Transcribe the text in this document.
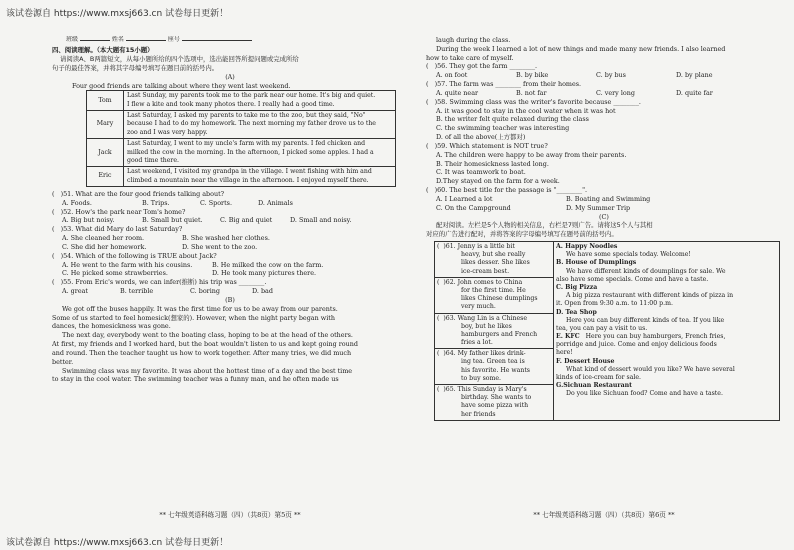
该试卷源自 https://www.mxsj663.cn 试卷每日更新！
该试卷源自 https://www.mxsj663.cn 试卷每日更新！
班级	姓名	座号
四、阅读理解。（本大题有15小题）
请阅读A、B两篇短文，从每小题所给的四个选项中，选出能回答所提问题或完成所给
句子的最佳答案，并将其字母编号填写在题目前的括号内。
(A)
Four good friends are talking about where they went last weekend.
Tom	Last Sunday, my parents took me to the park near our home. It's big and quiet.
I flew a kite and took many photos there. I really had a good time.

Mary	Last Saturday, I asked my parents to take me to the zoo, but they said, "No"
because I had to do my homework. The next morning my father drove us to the
zoo and I was very happy.

Jack	Last Saturday, I went to my uncle's farm with my parents. I fed chicken and
milked the cow in the morning. In the afternoon, I picked some apples. I had a
good time there.

Eric	Last weekend, I visited my grandpa in the village. I went fishing with him and
climbed a mountain near the village in the afternoon. I enjoyed myself there.
(   )51. What are the four good friends talking about?
A. Foods.	B. Trips.	C. Sports.	D. Animals
(   )52. How's the park near Tom's home?
A. Big but noisy.	B. Small but quiet.	C. Big and quiet	D. Small and noisy.
(   )53. What did Mary do last Saturday?
A. She cleaned her room.	B. She washed her clothes.
C. She did her homework.	D. She went to the zoo.
(   )54. Which of the following is TRUE about Jack?
A. He went to the farm with his cousins.	B. He milked the cow on the farm.
C. He picked some strawberries.	D. He took many pictures there.
(   )55. From Eric's words, we can infer(推断) his trip was ________.
A. great	B. terrible	C. boring	D. bad
(B)
We got off the buses happily. It was the first time for us to be away from our parents.
Some of us started to feel homesick(想家的). However, when the night party began with
dances, the homesickness was gone.
The next day, everybody went to the boating class, hoping to be at the head of the others.
At first, my friends and I worked hard, but the boat wouldn't listen to us and kept going round
and round. Then the teacher taught us how to work together. After many tries, we did much
better.
Swimming class was my favorite. It was about the hottest time of a day and the best time
to stay in the cool water. The swimming teacher was a funny man, and he often made us
** 七年级英语科练习题（四）（共8页）第5页 **
laugh during the class.
During the week I learned a lot of new things and made many new friends. I also learned
how to take care of myself.
(   )56. They got the farm ________.
A. on foot	B. by bike	C. by bus	D. by plane
(   )57. The farm was ________ from their homes.
A. quite near	B. not far	C. very long	D. quite far
(   )58. Swimming class was the writer's favorite because ________.
A. it was good to stay in the cool water when it was hot
B. the writer felt quite relaxed during the class
C. the swimming teacher was interesting
D. of all the above(上方都对)
(   )59. Which statement is NOT true?
A. The children were happy to be away from their parents.
B. Their homesickness lasted long.
C. It was teamwork to boat.
D.They stayed on the farm for a week.
(   )60. The best title for the passage is "________".
A. I Learned a lot	B. Boating and Swimming
C. On the Campground	D. My Summer Trip
(C)
配对阅读。左栏是5个人物的相关信息，右栏是7则广告。请将这5个人与其相
对应的广告进行配对，并将答案的字母编号填写在题号前的括号内。
(  )61. Jenny is a little bit
heavy, but she really
likes desser. She likes
ice-cream best.
(  )62. John comes to China
for the first time. He
likes Chinese dumplings
very much.
(  )63. Wang Lin is a Chinese
boy, but he likes
hamburgers and French
fries a lot.
(  )64. My father likes drink-
ing tea. Green tea is
his favorite. He wants
to buy some.
(  )65. This Sunday is Mary's
birthday. She wants to
have some pizza with
her friends

A. Happy Noodles
We have some specials today. Welcome!
B. House of Dumplings
We have different kinds of doumplings for sale. We
also have some specials. Come and have a taste.
C. Big Pizza
A big pizza restaurant with different kinds of pizza in
it. Open from 9:30 a.m. to 11:00 p.m.
D. Tea Shop
Here you can buy different kinds of tea. If you like
tea, you can pay a visit to us.
E. KFC Here you can buy hamburgers, French fries,
porridge and juice. Come and enjoy delicious foods
here!
F. Dessert House
What kind of dessert would you like? We have several
kinds of ice-cream for sale.
G.Sichuan Restaurant
Do you like Sichuan food? Come and have a taste.
** 七年级英语科练习题（四）（共8页）第6页 **
